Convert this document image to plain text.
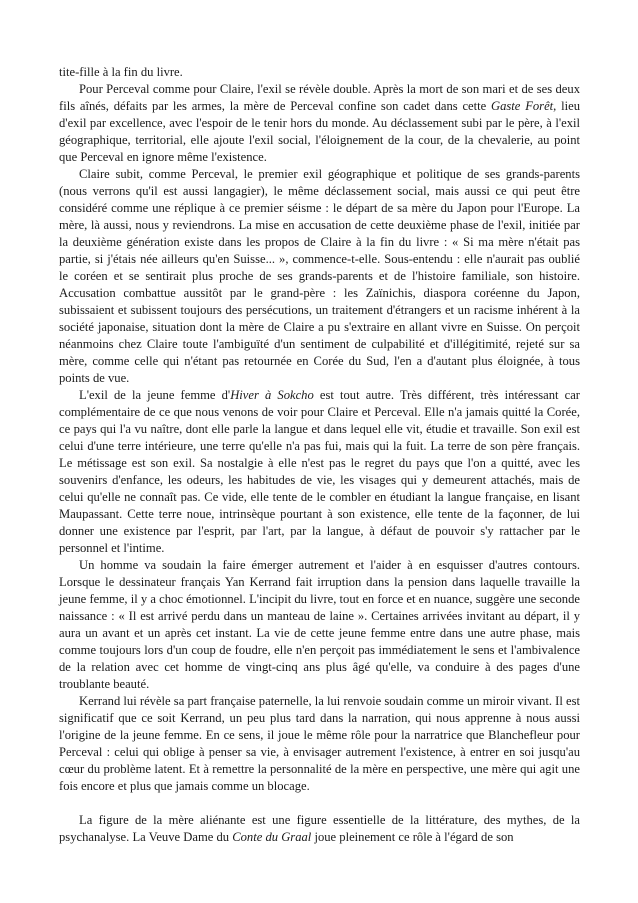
tite-fille à la fin du livre.

Pour Perceval comme pour Claire, l'exil se révèle double. Après la mort de son mari et de ses deux fils aînés, défaits par les armes, la mère de Perceval confine son cadet dans cette Gaste Forêt, lieu d'exil par excellence, avec l'espoir de le tenir hors du monde. Au déclassement subi par le père, à l'exil géographique, territorial, elle ajoute l'exil social, l'éloignement de la cour, de la chevalerie, au point que Perceval en ignore même l'existence.

Claire subit, comme Perceval, le premier exil géographique et politique de ses grands-parents (nous verrons qu'il est aussi langagier), le même déclassement social, mais aussi ce qui peut être considéré comme une réplique à ce premier séisme : le départ de sa mère du Japon pour l'Europe. La mère, là aussi, nous y reviendrons. La mise en accusation de cette deuxième phase de l'exil, initiée par la deuxième génération existe dans les propos de Claire à la fin du livre : « Si ma mère n'était pas partie, si j'étais née ailleurs qu'en Suisse... », commence-t-elle. Sous-entendu : elle n'aurait pas oublié le coréen et se sentirait plus proche de ses grands-parents et de l'histoire familiale, son histoire. Accusation combattue aussitôt par le grand-père : les Zaïnichis, diaspora coréenne du Japon, subissaient et subissent toujours des persécutions, un traitement d'étrangers et un racisme inhérent à la société japonaise, situation dont la mère de Claire a pu s'extraire en allant vivre en Suisse. On perçoit néanmoins chez Claire toute l'ambiguïté d'un sentiment de culpabilité et d'illégitimité, rejeté sur sa mère, comme celle qui n'étant pas retournée en Corée du Sud, l'en a d'autant plus éloignée, à tous points de vue.

L'exil de la jeune femme d'Hiver à Sokcho est tout autre. Très différent, très intéressant car complémentaire de ce que nous venons de voir pour Claire et Perceval. Elle n'a jamais quitté la Corée, ce pays qui l'a vu naître, dont elle parle la langue et dans lequel elle vit, étudie et travaille. Son exil est celui d'une terre intérieure, une terre qu'elle n'a pas fui, mais qui la fuit. La terre de son père français. Le métissage est son exil. Sa nostalgie à elle n'est pas le regret du pays que l'on a quitté, avec les souvenirs d'enfance, les odeurs, les habitudes de vie, les visages qui y demeurent attachés, mais de celui qu'elle ne connaît pas. Ce vide, elle tente de le combler en étudiant la langue française, en lisant Maupassant. Cette terre noue, intrinsèque pourtant à son existence, elle tente de la façonner, de lui donner une existence par l'esprit, par l'art, par la langue, à défaut de pouvoir s'y rattacher par le personnel et l'intime.

Un homme va soudain la faire émerger autrement et l'aider à en esquisser d'autres contours. Lorsque le dessinateur français Yan Kerrand fait irruption dans la pension dans laquelle travaille la jeune femme, il y a choc émotionnel. L'incipit du livre, tout en force et en nuance, suggère une seconde naissance : « Il est arrivé perdu dans un manteau de laine ». Certaines arrivées invitant au départ, il y aura un avant et un après cet instant. La vie de cette jeune femme entre dans une autre phase, mais comme toujours lors d'un coup de foudre, elle n'en perçoit pas immédiatement le sens et l'ambivalence de la relation avec cet homme de vingt-cinq ans plus âgé qu'elle, va conduire à des pages d'une troublante beauté.

Kerrand lui révèle sa part française paternelle, la lui renvoie soudain comme un miroir vivant. Il est significatif que ce soit Kerrand, un peu plus tard dans la narration, qui nous apprenne à nous aussi l'origine de la jeune femme. En ce sens, il joue le même rôle pour la narratrice que Blanchefleur pour Perceval : celui qui oblige à penser sa vie, à envisager autrement l'existence, à entrer en soi jusqu'au cœur du problème latent. Et à remettre la personnalité de la mère en perspective, une mère qui agit une fois encore et plus que jamais comme un blocage.

La figure de la mère aliénante est une figure essentielle de la littérature, des mythes, de la psychanalyse. La Veuve Dame du Conte du Graal joue pleinement ce rôle à l'égard de son
